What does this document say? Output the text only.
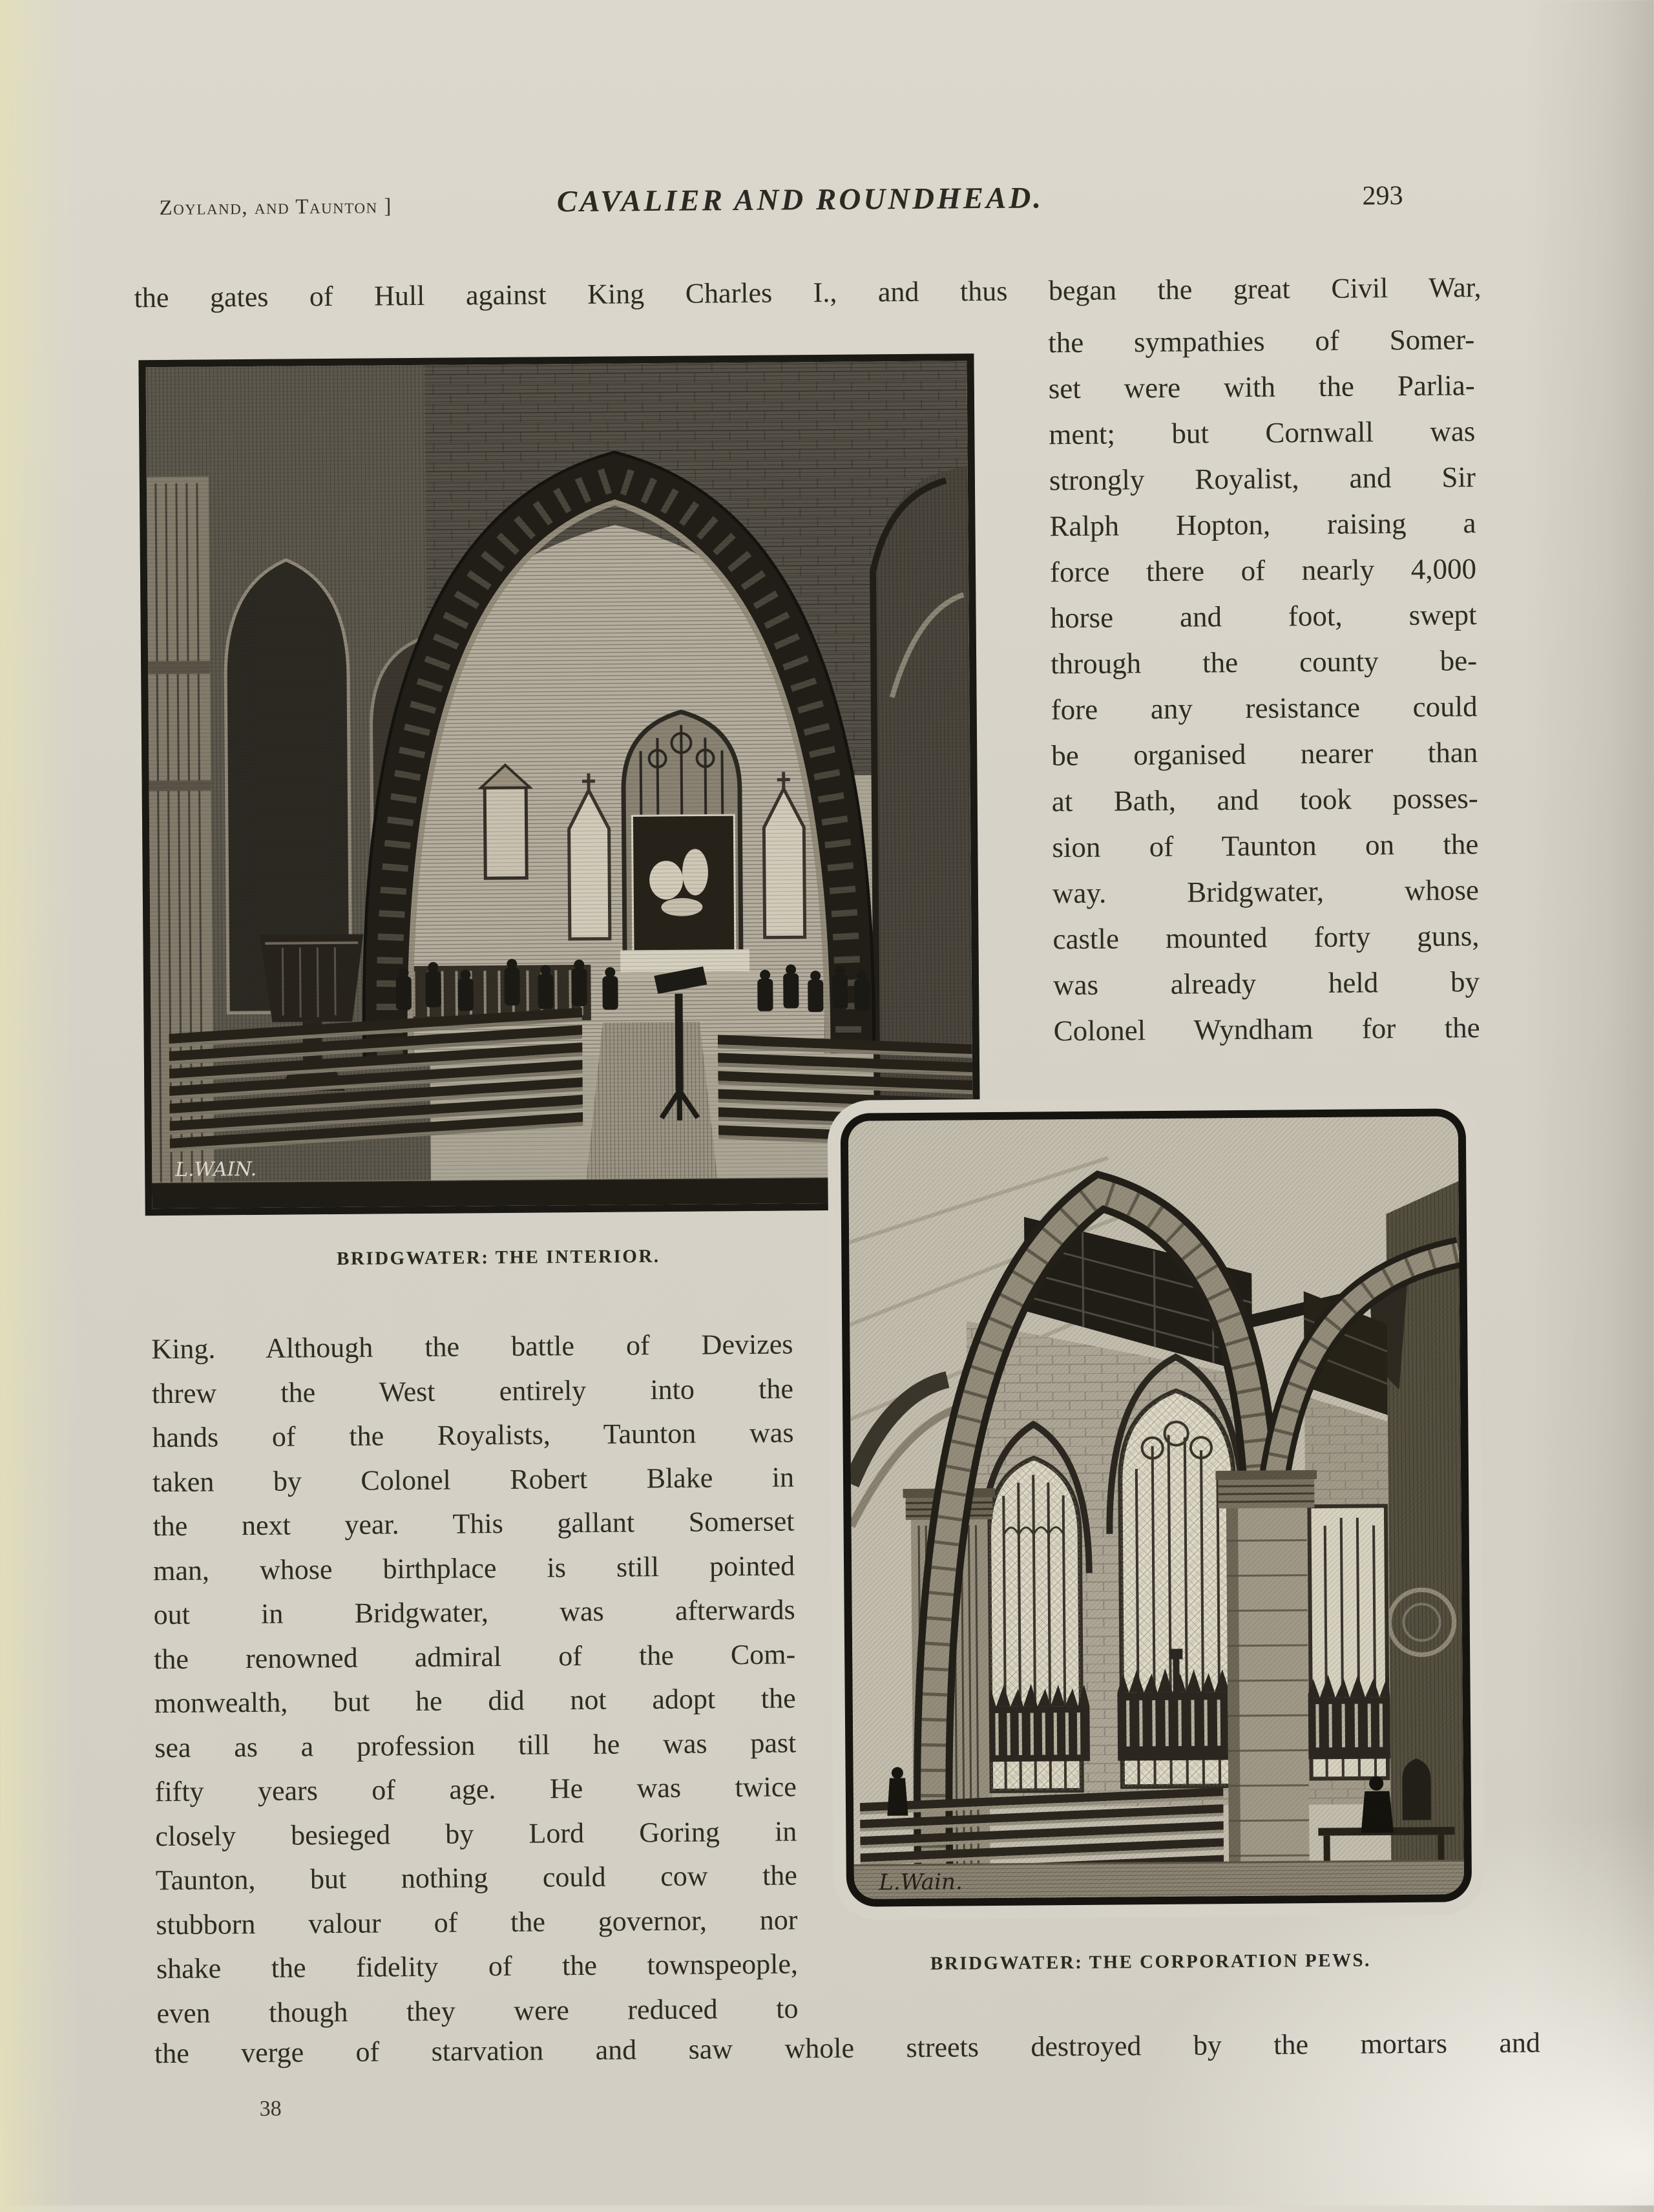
Zoyland, and Taunton ]	CAVALIER AND ROUNDHEAD.	293
the gates of Hull against King Charles I., and thus began the great Civil War,
L.WAIN.
BRIDGWATER: THE INTERIOR.
the sympathies of Somer-
set were with the Parlia-
ment; but Cornwall was
strongly Royalist, and Sir
Ralph Hopton, raising a
force there of nearly 4,000
horse and foot, swept
through the county be-
fore any resistance could
be organised nearer than
at Bath, and took posses-
sion of Taunton on the
way. Bridgwater, whose
castle mounted forty guns,
was already held by
Colonel Wyndham for the
King. Although the battle of Devizes
threw the West entirely into the
hands of the Royalists, Taunton was
taken by Colonel Robert Blake in
the next year. This gallant Somerset
man, whose birthplace is still pointed
out in Bridgwater, was afterwards
the renowned admiral of the Com-
monwealth, but he did not adopt the
sea as a profession till he was past
fifty years of age. He was twice
closely besieged by Lord Goring in
Taunton, but nothing could cow the
stubborn valour of the governor, nor
shake the fidelity of the townspeople,
even though they were reduced to
L.Wain.
BRIDGWATER: THE CORPORATION PEWS.
the verge of starvation and saw whole streets destroyed by the mortars and
38
